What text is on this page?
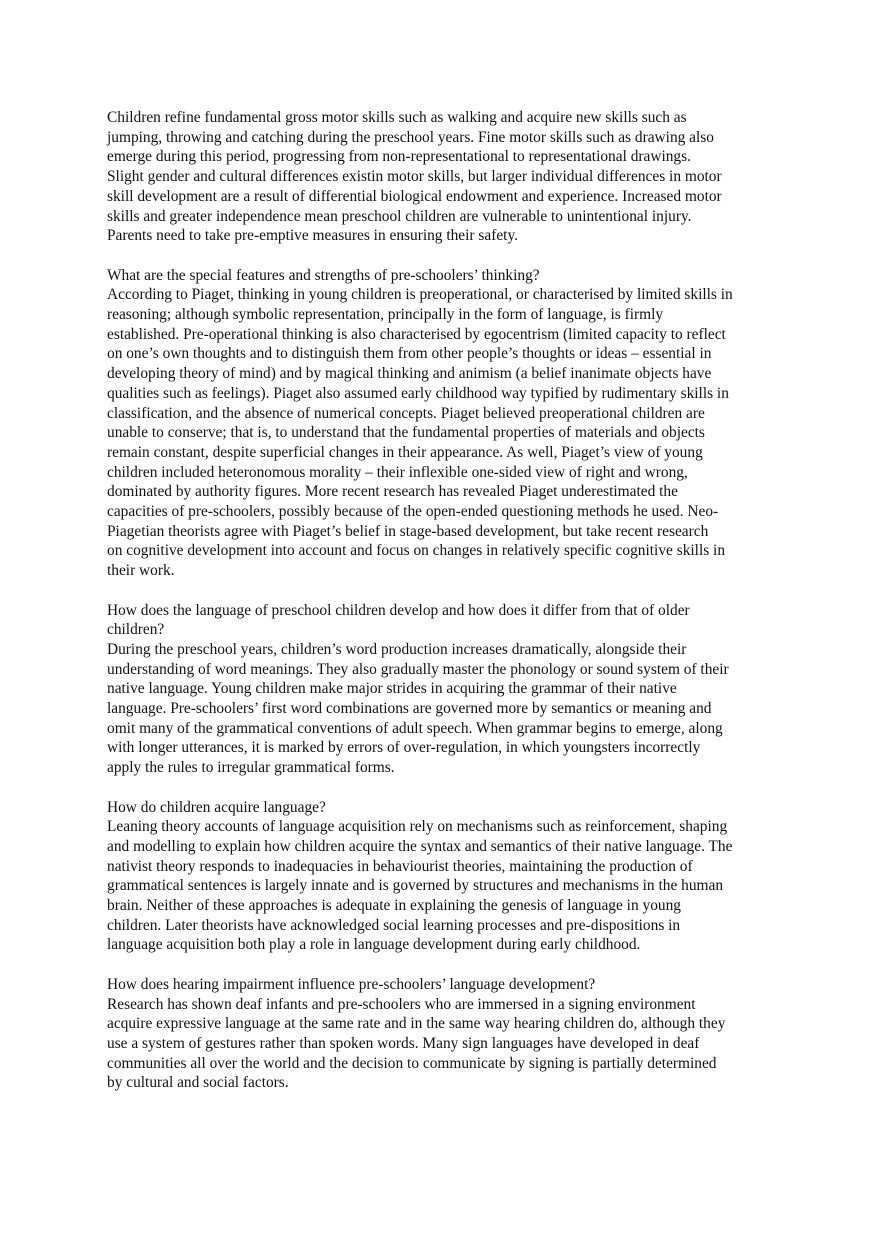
Children refine fundamental gross motor skills such as walking and acquire new skills such as
jumping, throwing and catching during the preschool years. Fine motor skills such as drawing also
emerge during this period, progressing from non-representational to representational drawings.
Slight gender and cultural differences existin motor skills, but larger individual differences in motor
skill development are a result of differential biological endowment and experience. Increased motor
skills and greater independence mean preschool children are vulnerable to unintentional injury.
Parents need to take pre-emptive measures in ensuring their safety.
What are the special features and strengths of pre-schoolers’ thinking?
According to Piaget, thinking in young children is preoperational, or characterised by limited skills in
reasoning; although symbolic representation, principally in the form of language, is firmly
established. Pre-operational thinking is also characterised by egocentrism (limited capacity to reflect
on one’s own thoughts and to distinguish them from other people’s thoughts or ideas – essential in
developing theory of mind) and by magical thinking and animism (a belief inanimate objects have
qualities such as feelings). Piaget also assumed early childhood way typified by rudimentary skills in
classification, and the absence of numerical concepts. Piaget believed preoperational children are
unable to conserve; that is, to understand that the fundamental properties of materials and objects
remain constant, despite superficial changes in their appearance. As well, Piaget’s view of young
children included heteronomous morality – their inflexible one-sided view of right and wrong,
dominated by authority figures. More recent research has revealed Piaget underestimated the
capacities of pre-schoolers, possibly because of the open-ended questioning methods he used. Neo-
Piagetian theorists agree with Piaget’s belief in stage-based development, but take recent research
on cognitive development into account and focus on changes in relatively specific cognitive skills in
their work.
How does the language of preschool children develop and how does it differ from that of older
children?
During the preschool years, children’s word production increases dramatically, alongside their
understanding of word meanings. They also gradually master the phonology or sound system of their
native language. Young children make major strides in acquiring the grammar of their native
language. Pre-schoolers’ first word combinations are governed more by semantics or meaning and
omit many of the grammatical conventions of adult speech. When grammar begins to emerge, along
with longer utterances, it is marked by errors of over-regulation, in which youngsters incorrectly
apply the rules to irregular grammatical forms.
How do children acquire language?
Leaning theory accounts of language acquisition rely on mechanisms such as reinforcement, shaping
and modelling to explain how children acquire the syntax and semantics of their native language. The
nativist theory responds to inadequacies in behaviourist theories, maintaining the production of
grammatical sentences is largely innate and is governed by structures and mechanisms in the human
brain. Neither of these approaches is adequate in explaining the genesis of language in young
children. Later theorists have acknowledged social learning processes and pre-dispositions in
language acquisition both play a role in language development during early childhood.
How does hearing impairment influence pre-schoolers’ language development?
Research has shown deaf infants and pre-schoolers who are immersed in a signing environment
acquire expressive language at the same rate and in the same way hearing children do, although they
use a system of gestures rather than spoken words. Many sign languages have developed in deaf
communities all over the world and the decision to communicate by signing is partially determined
by cultural and social factors.
